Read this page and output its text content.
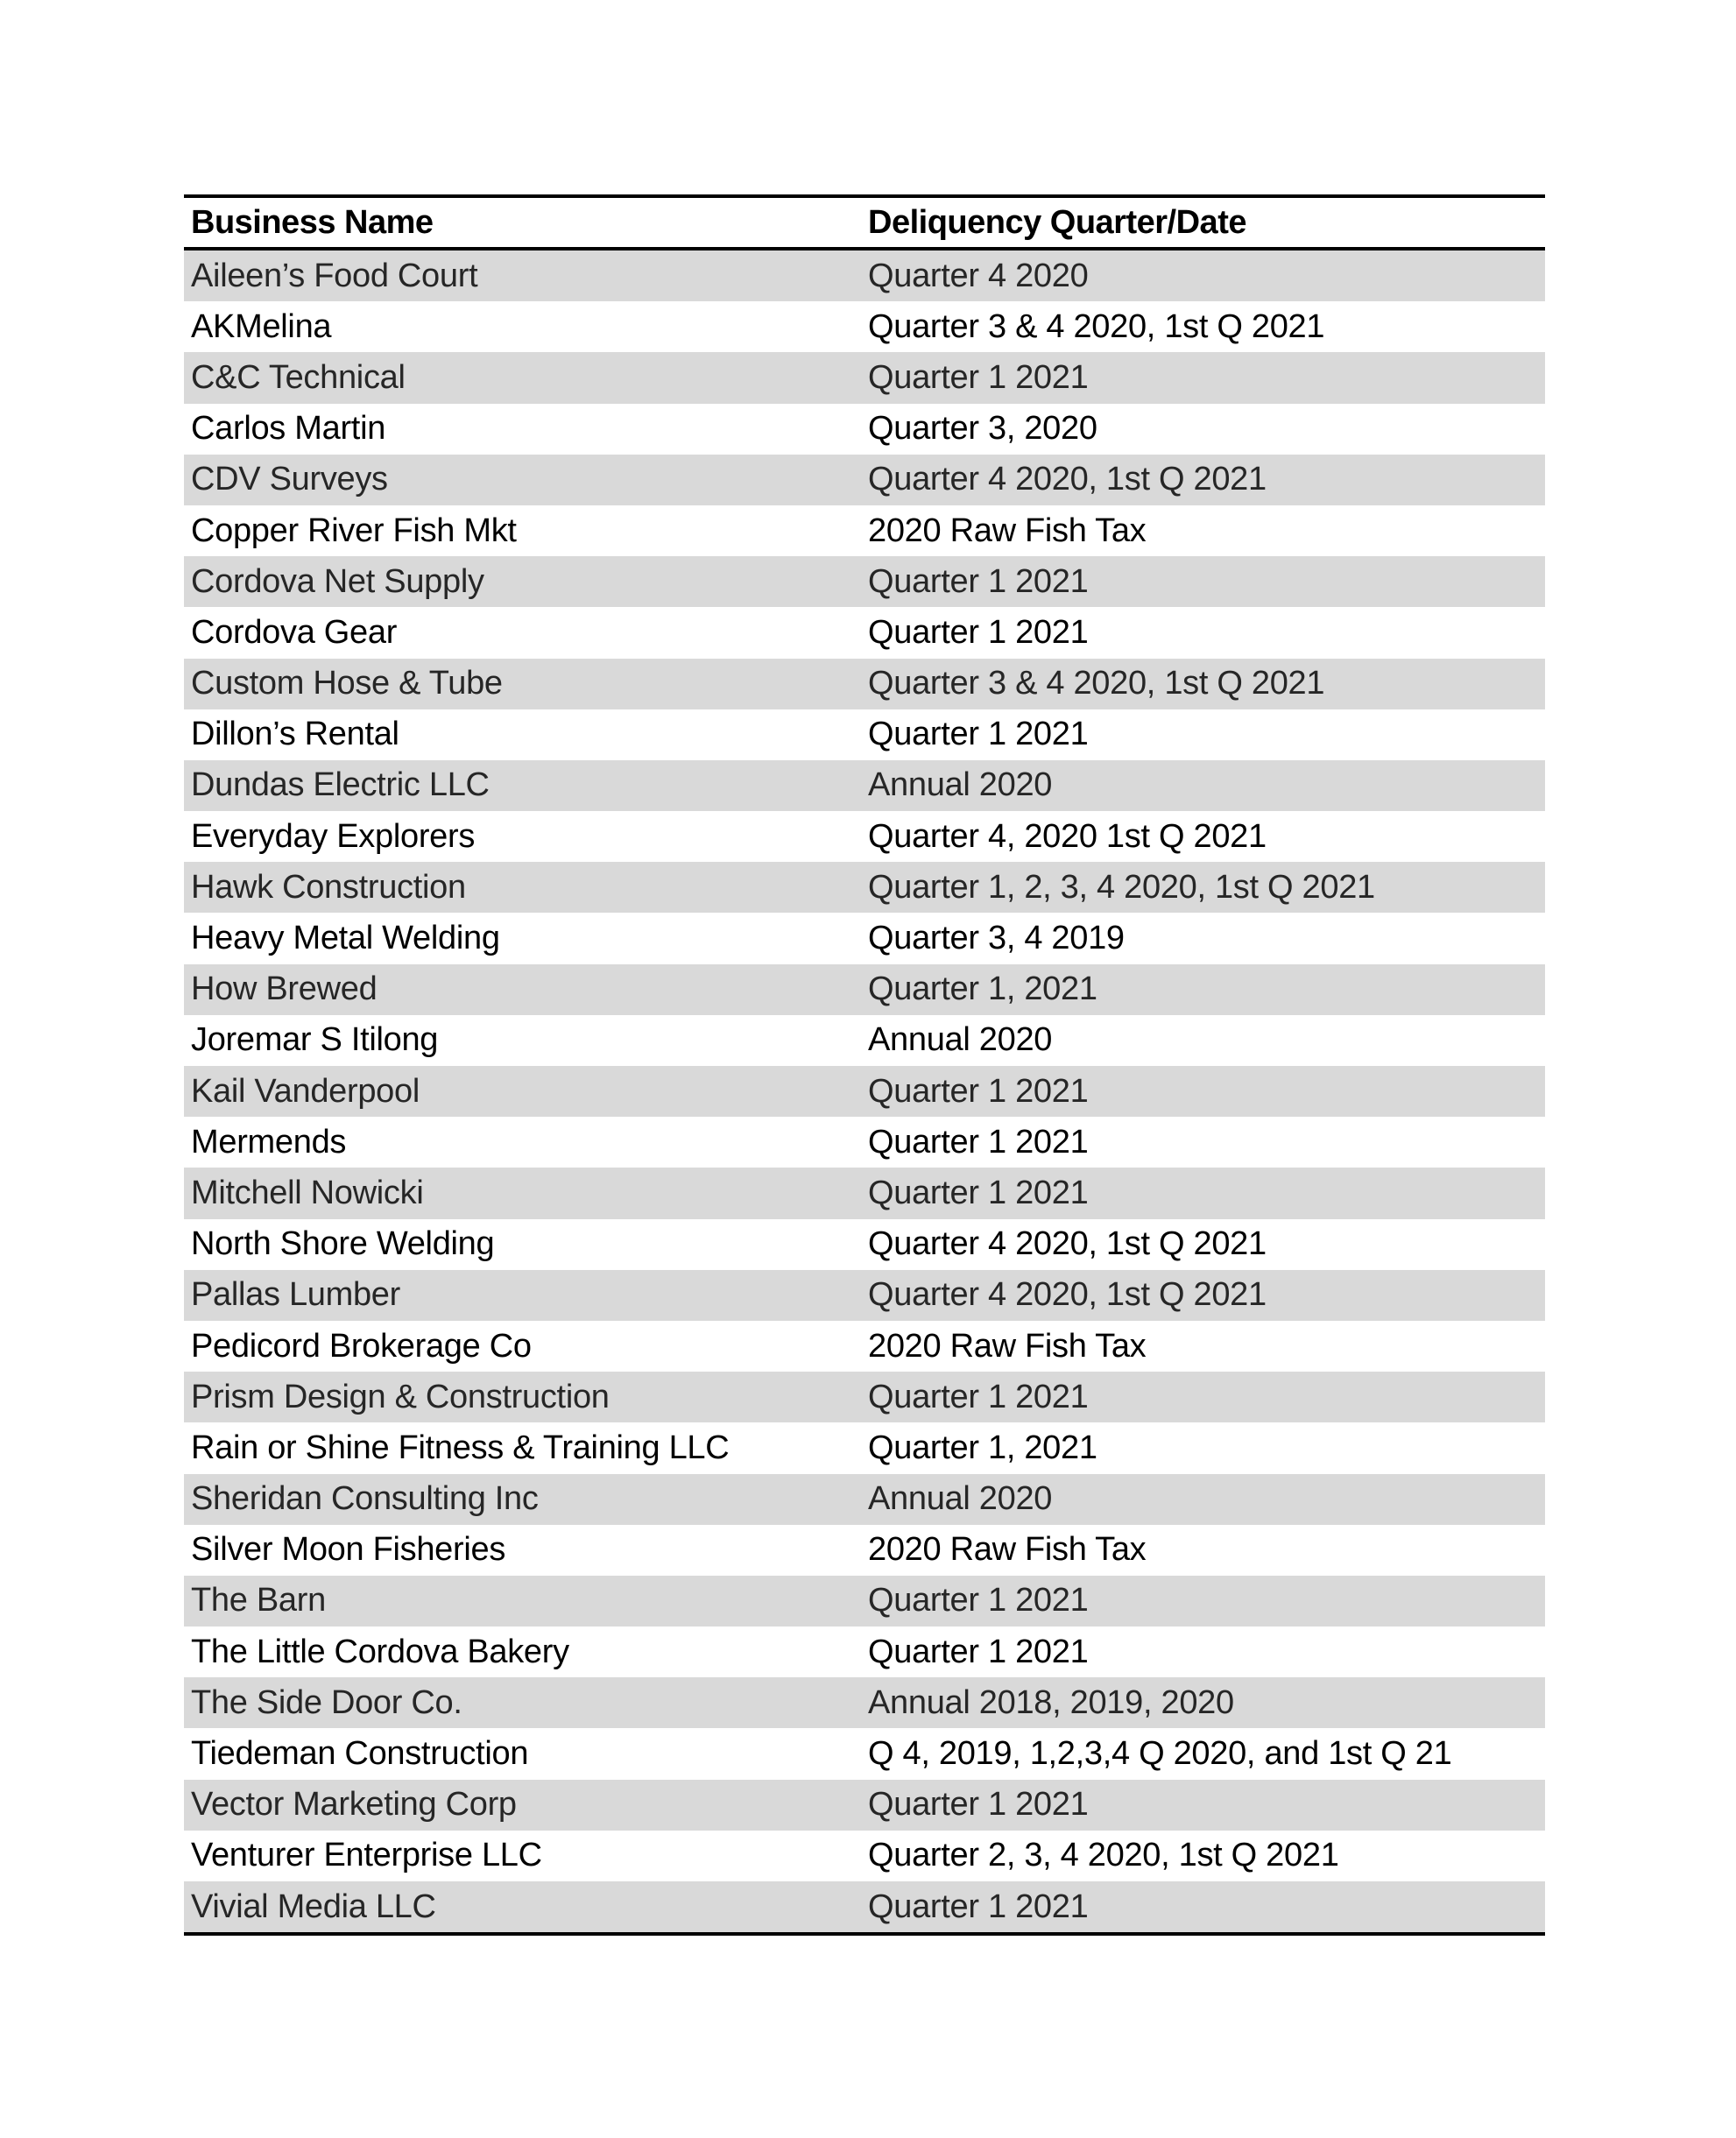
Business Name	Deliquency Quarter/Date
Aileen’s Food Court	Quarter 4 2020
AKMelina	Quarter 3 & 4 2020, 1st Q 2021
C&C Technical	Quarter 1 2021
Carlos Martin	Quarter 3, 2020
CDV Surveys	Quarter 4 2020, 1st Q 2021
Copper River Fish Mkt	2020 Raw Fish Tax
Cordova Net Supply	Quarter 1 2021
Cordova Gear	Quarter 1 2021
Custom Hose & Tube	Quarter 3 & 4 2020, 1st Q 2021
Dillon’s Rental	Quarter 1 2021
Dundas Electric LLC	Annual 2020
Everyday Explorers	Quarter 4, 2020 1st Q 2021
Hawk Construction	Quarter 1, 2, 3, 4 2020, 1st Q 2021
Heavy Metal Welding	Quarter 3, 4 2019
How Brewed	Quarter 1, 2021
Joremar S Itilong	Annual 2020
Kail Vanderpool	Quarter 1 2021
Mermends	Quarter 1 2021
Mitchell Nowicki	Quarter 1 2021
North Shore Welding	Quarter 4 2020, 1st Q 2021
Pallas Lumber	Quarter 4 2020, 1st Q 2021
Pedicord Brokerage Co	2020 Raw Fish Tax
Prism Design & Construction	Quarter 1 2021
Rain or Shine Fitness & Training LLC	Quarter 1, 2021
Sheridan Consulting Inc	Annual 2020
Silver Moon Fisheries	2020 Raw Fish Tax
The Barn	Quarter 1 2021
The Little Cordova Bakery	Quarter 1 2021
The Side Door Co.	Annual 2018, 2019, 2020
Tiedeman Construction	Q 4, 2019, 1,2,3,4 Q 2020, and 1st Q 21
Vector Marketing Corp	Quarter 1 2021
Venturer Enterprise LLC	Quarter 2, 3, 4 2020, 1st Q 2021
Vivial Media LLC	Quarter 1 2021
